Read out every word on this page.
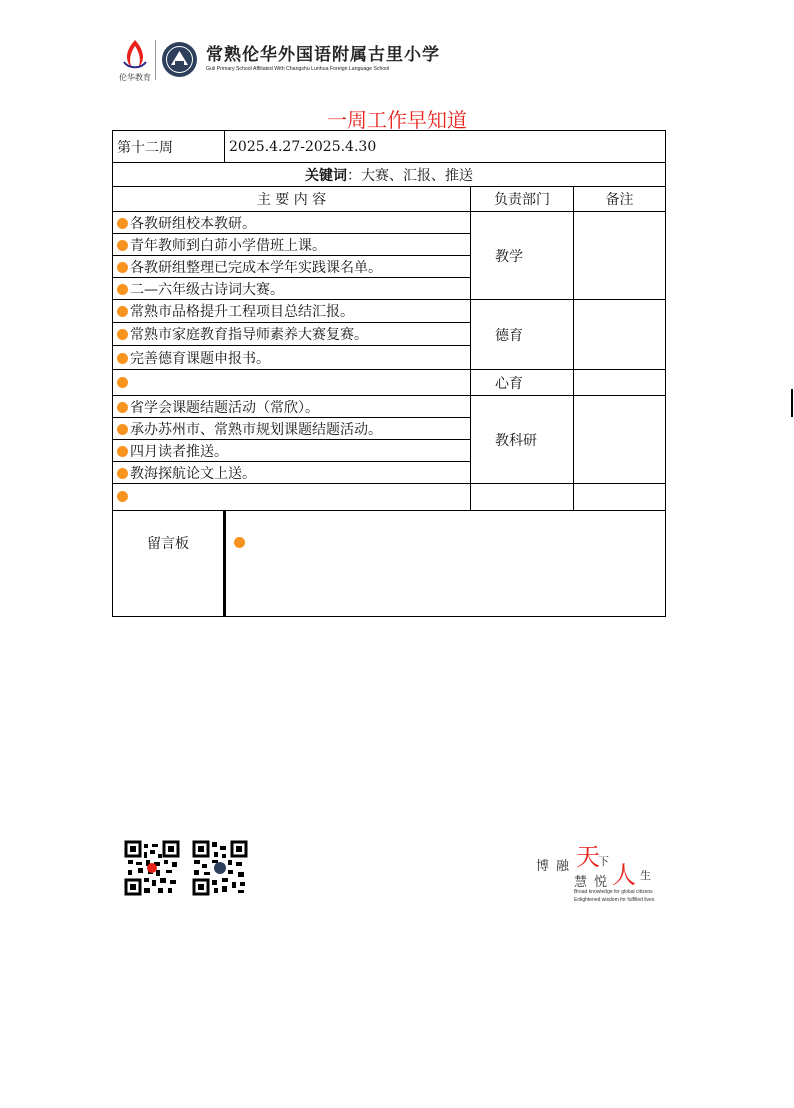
伦华教育
常熟伦华外国语附属古里小学
Guli Primary School Affiliated With Changshu Lunhua Foreign Language School
一周工作早知道
第十二周	2025.4.27-2025.4.30		
关键词：大赛、汇报、推送			
主 要 内 容		负责部门	备注
各教研组校本教研。		教学	
青年教师到白茆小学借班上课。			
各教研组整理已完成本学年实践课名单。			
二—六年级古诗词大赛。			
常熟市品格提升工程项目总结汇报。		德育	
常熟市家庭教育指导师素养大赛复赛。			
完善德育课题申报书。			
		心育	
省学会课题结题活动（常欣）。		教科研	
承办苏州市、常熟市规划课题结题活动。			
四月读者推送。			
教海探航论文上送。			

留言板			
博 融 天
下
慧 悦 人 生
Broad knowledge for global citizens
Enlightened wisdom for fulfilled lives
